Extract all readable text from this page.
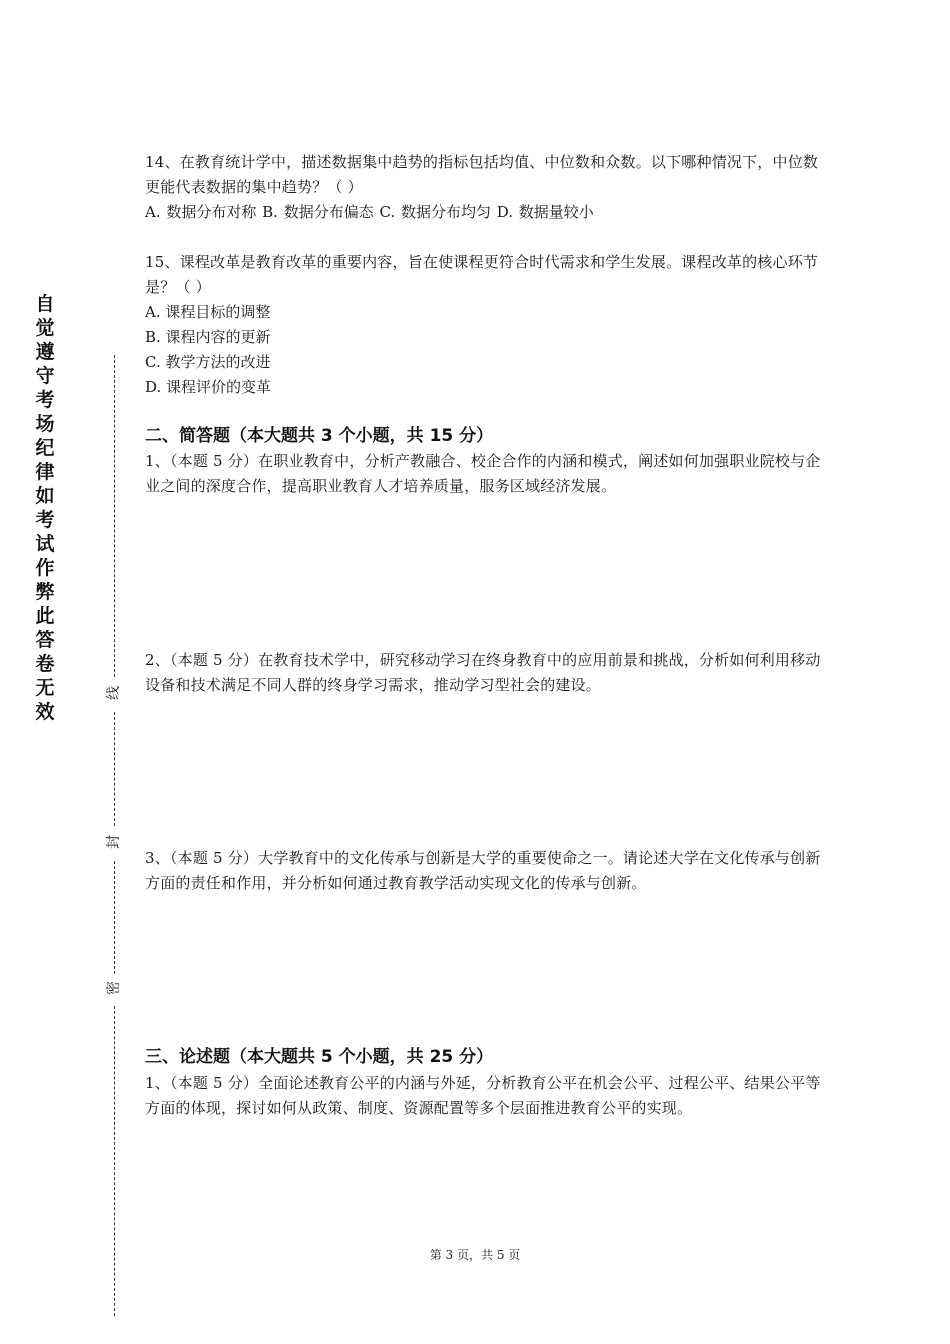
自觉遵守考场纪律如考试作弊此答卷无效
线
封
密

14、在教育统计学中，描述数据集中趋势的指标包括均值、中位数和众数。以下哪种情况下，中位数更能代表数据的集中趋势？（ ）

A. 数据分布对称 B. 数据分布偏态 C. 数据分布均匀 D. 数据量较小

15、课程改革是教育改革的重要内容，旨在使课程更符合时代需求和学生发展。课程改革的核心环节是？（ ）

A. 课程目标的调整

B. 课程内容的更新

C. 教学方法的改进

D. 课程评价的变革

二、简答题（本大题共 3 个小题，共 15 分）

1、（本题 5 分）在职业教育中，分析产教融合、校企合作的内涵和模式，阐述如何加强职业院校与企业之间的深度合作，提高职业教育人才培养质量，服务区域经济发展。

2、（本题 5 分）在教育技术学中，研究移动学习在终身教育中的应用前景和挑战，分析如何利用移动设备和技术满足不同人群的终身学习需求，推动学习型社会的建设。

3、（本题 5 分）大学教育中的文化传承与创新是大学的重要使命之一。请论述大学在文化传承与创新方面的责任和作用，并分析如何通过教育教学活动实现文化的传承与创新。

三、论述题（本大题共 5 个小题，共 25 分）

1、（本题 5 分）全面论述教育公平的内涵与外延，分析教育公平在机会公平、过程公平、结果公平等方面的体现，探讨如何从政策、制度、资源配置等多个层面推进教育公平的实现。

第 3 页，共 5 页
